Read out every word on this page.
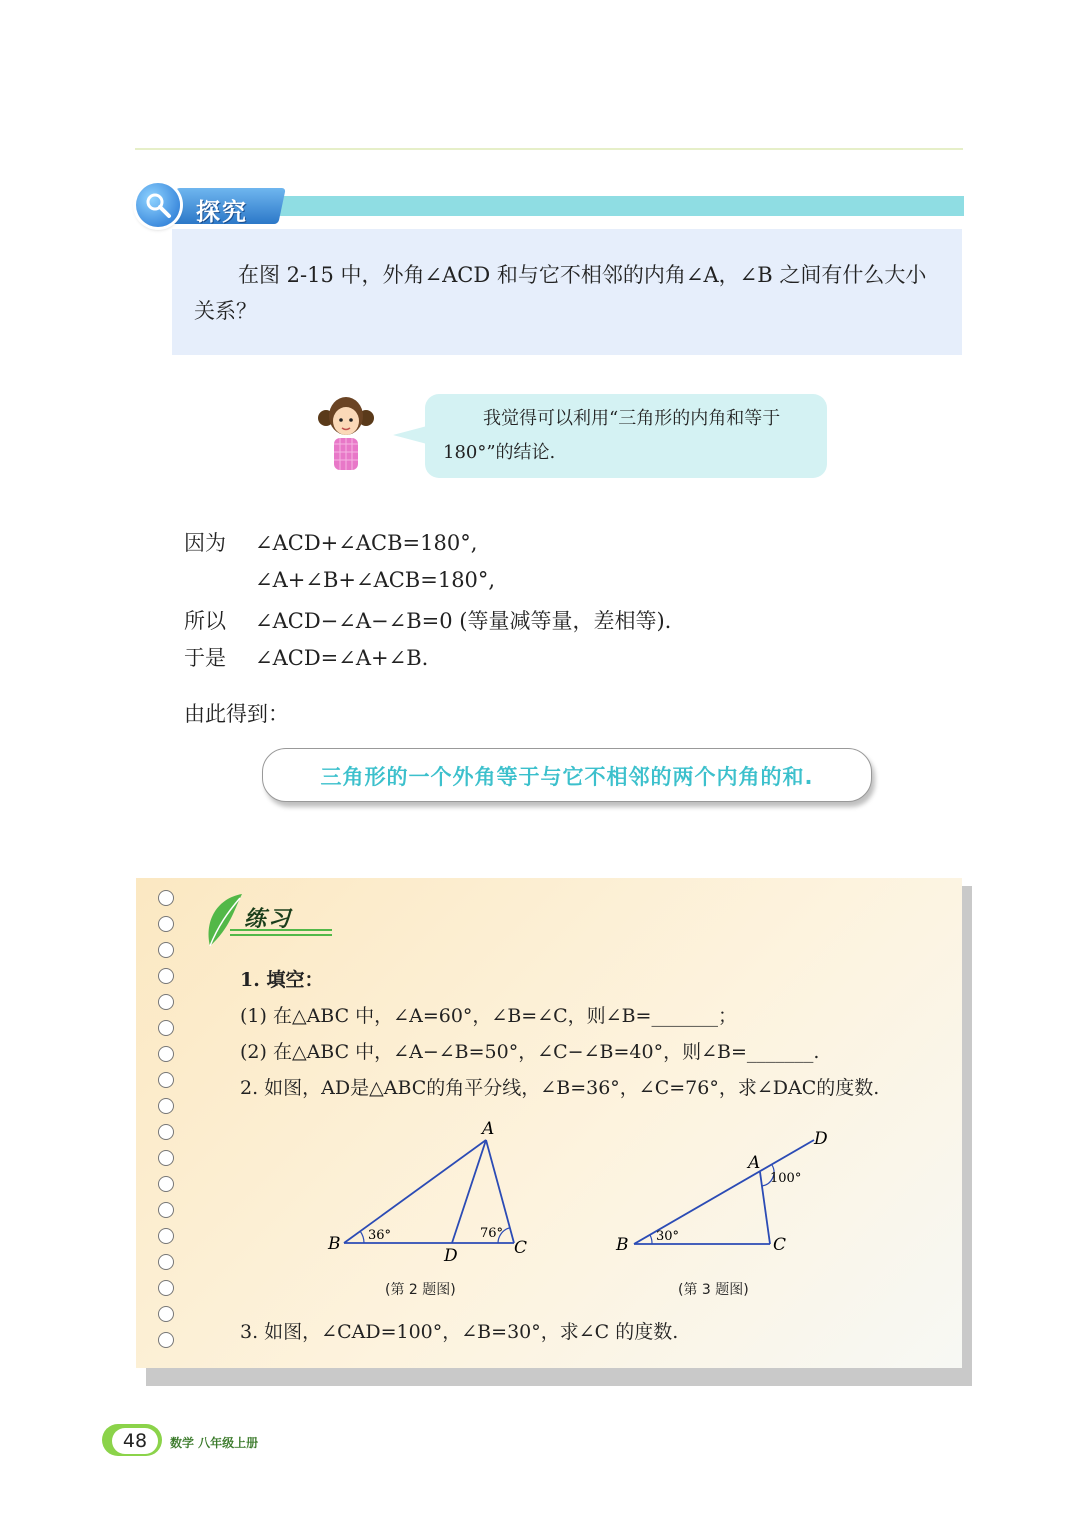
探究
在图 2-15 中，外角∠ACD 和与它不相邻的内角∠A，∠B 之间有什么大小关系？
我觉得可以利用“三角形的内角和等于180°”的结论.
因为 ∠ACD+∠ACB=180°,
∠A+∠B+∠ACB=180°,
所以 ∠ACD−∠A−∠B=0 (等量减等量，差相等).
于是 ∠ACD=∠A+∠B.
由此得到：
三角形的一个外角等于与它不相邻的两个内角的和.
练习
1. 填空：
(1) 在△ABC 中，∠A=60°，∠B=∠C，则∠B=_______；
(2) 在△ABC 中，∠A−∠B=50°，∠C−∠B=40°，则∠B=_______.
2. 如图，AD是△ABC的角平分线，∠B=36°，∠C=76°，求∠DAC的度数.
A
B	C
D
36°	76°
(第 2 题图)
A
B	C
D
100°
30°
(第 3 题图)
3. 如图，∠CAD=100°，∠B=30°，求∠C 的度数.
48	数学 八年级上册
